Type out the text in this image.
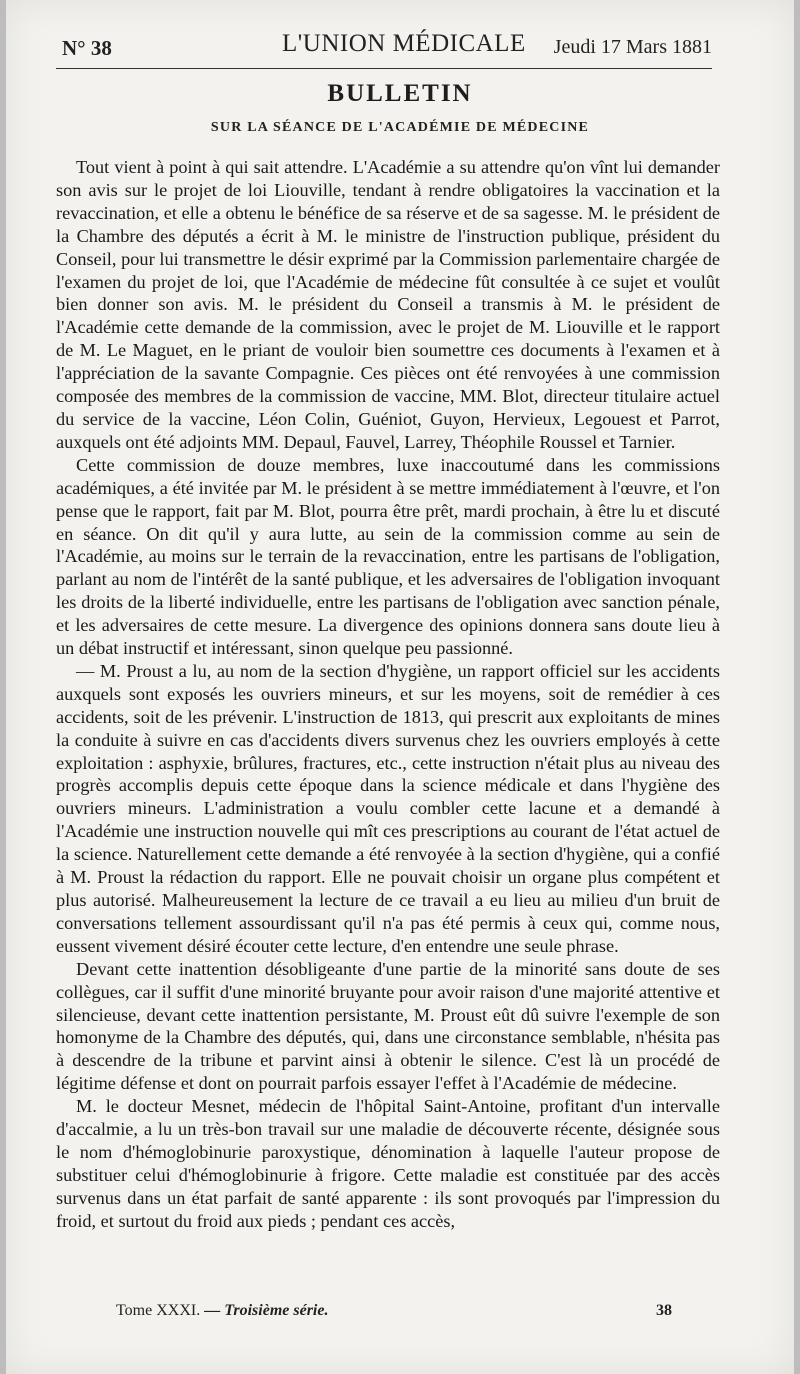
N° 38	L'UNION MÉDICALE Jeudi 17 Mars 1881
BULLETIN
SUR LA SÉANCE DE L'ACADÉMIE DE MÉDECINE

Tout vient à point à qui sait attendre. L'Académie a su attendre qu'on vînt lui demander son avis sur le projet de loi Liouville, tendant à rendre obligatoires la vaccination et la revaccination, et elle a obtenu le bénéfice de sa réserve et de sa sagesse. M. le président de la Chambre des députés a écrit à M. le ministre de l'instruction publique, président du Conseil, pour lui transmettre le désir exprimé par la Commission parlementaire chargée de l'examen du projet de loi, que l'Académie de médecine fût consultée à ce sujet et voulût bien donner son avis. M. le président du Conseil a transmis à M. le président de l'Académie cette demande de la commission, avec le projet de M. Liouville et le rapport de M. Le Maguet, en le priant de vouloir bien soumettre ces documents à l'examen et à l'appréciation de la savante Compagnie. Ces pièces ont été renvoyées à une commission composée des membres de la commission de vaccine, MM. Blot, directeur titulaire actuel du service de la vaccine, Léon Colin, Guéniot, Guyon, Hervieux, Legouest et Parrot, auxquels ont été adjoints MM. Depaul, Fauvel, Larrey, Théophile Roussel et Tarnier.

Cette commission de douze membres, luxe inaccoutumé dans les commissions académiques, a été invitée par M. le président à se mettre immédiatement à l'œuvre, et l'on pense que le rapport, fait par M. Blot, pourra être prêt, mardi prochain, à être lu et discuté en séance. On dit qu'il y aura lutte, au sein de la commission comme au sein de l'Académie, au moins sur le terrain de la revaccination, entre les partisans de l'obligation, parlant au nom de l'intérêt de la santé publique, et les adversaires de l'obligation invoquant les droits de la liberté individuelle, entre les partisans de l'obligation avec sanction pénale, et les adversaires de cette mesure. La divergence des opinions donnera sans doute lieu à un débat instructif et intéressant, sinon quelque peu passionné.

— M. Proust a lu, au nom de la section d'hygiène, un rapport officiel sur les accidents auxquels sont exposés les ouvriers mineurs, et sur les moyens, soit de remédier à ces accidents, soit de les prévenir. L'instruction de 1813, qui prescrit aux exploitants de mines la conduite à suivre en cas d'accidents divers survenus chez les ouvriers employés à cette exploitation : asphyxie, brûlures, fractures, etc., cette instruction n'était plus au niveau des progrès accomplis depuis cette époque dans la science médicale et dans l'hygiène des ouvriers mineurs. L'administration a voulu combler cette lacune et a demandé à l'Académie une instruction nouvelle qui mît ces prescriptions au courant de l'état actuel de la science. Naturellement cette demande a été renvoyée à la section d'hygiène, qui a confié à M. Proust la rédaction du rapport. Elle ne pouvait choisir un organe plus compétent et plus autorisé. Malheureusement la lecture de ce travail a eu lieu au milieu d'un bruit de conversations tellement assourdissant qu'il n'a pas été permis à ceux qui, comme nous, eussent vivement désiré écouter cette lecture, d'en entendre une seule phrase.

Devant cette inattention désobligeante d'une partie de la minorité sans doute de ses collègues, car il suffit d'une minorité bruyante pour avoir raison d'une majorité attentive et silencieuse, devant cette inattention persistante, M. Proust eût dû suivre l'exemple de son homonyme de la Chambre des députés, qui, dans une circonstance semblable, n'hésita pas à descendre de la tribune et parvint ainsi à obtenir le silence. C'est là un procédé de légitime défense et dont on pourrait parfois essayer l'effet à l'Académie de médecine.

M. le docteur Mesnet, médecin de l'hôpital Saint-Antoine, profitant d'un intervalle d'accalmie, a lu un très-bon travail sur une maladie de découverte récente, désignée sous le nom d'hémoglobinurie paroxystique, dénomination à laquelle l'auteur propose de substituer celui d'hémoglobinurie à frigore. Cette maladie est constituée par des accès survenus dans un état parfait de santé apparente : ils sont provoqués par l'impression du froid, et surtout du froid aux pieds ; pendant ces accès,

Tome XXXI. — Troisième série.	38
